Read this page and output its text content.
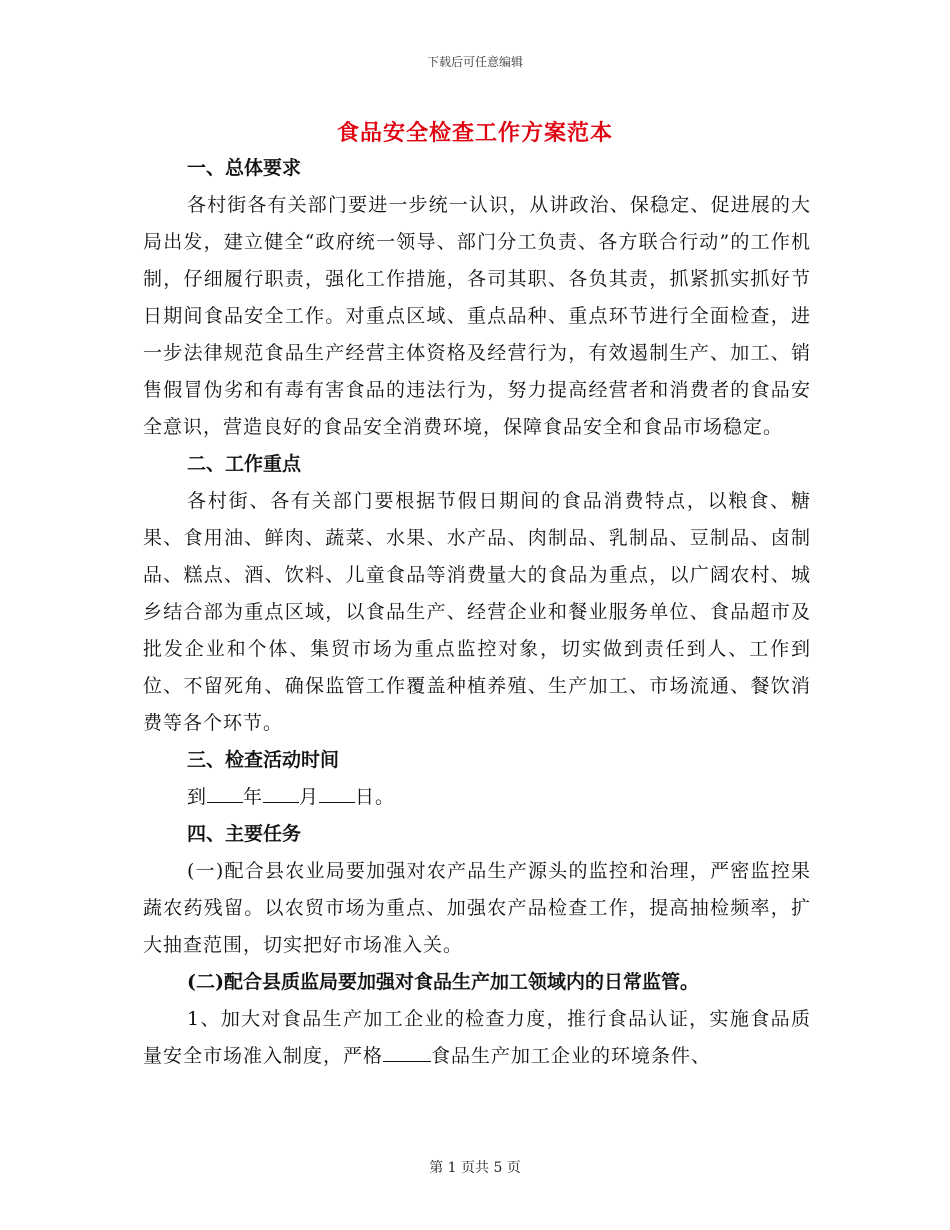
下载后可任意编辑
食品安全检查工作方案范本
一、总体要求

各村街各有关部门要进一步统一认识，从讲政治、保稳定、促进展的大局出发，建立健全“政府统一领导、部门分工负责、各方联合行动”的工作机制，仔细履行职责，强化工作措施，各司其职、各负其责，抓紧抓实抓好节日期间食品安全工作。对重点区域、重点品种、重点环节进行全面检查，进一步法律规范食品生产经营主体资格及经营行为，有效遏制生产、加工、销售假冒伪劣和有毒有害食品的违法行为，努力提高经营者和消费者的食品安全意识，营造良好的食品安全消费环境，保障食品安全和食品市场稳定。

二、工作重点

各村街、各有关部门要根据节假日期间的食品消费特点，以粮食、糖果、食用油、鲜肉、蔬菜、水果、水产品、肉制品、乳制品、豆制品、卤制品、糕点、酒、饮料、儿童食品等消费量大的食品为重点，以广阔农村、城乡结合部为重点区域，以食品生产、经营企业和餐业服务单位、食品超市及批发企业和个体、集贸市场为重点监控对象，切实做到责任到人、工作到位、不留死角、确保监管工作覆盖种植养殖、生产加工、市场流通、餐饮消费等各个环节。

三、检查活动时间

到 年 月 日。

四、主要任务

(一)配合县农业局要加强对农产品生产源头的监控和治理，严密监控果蔬农药残留。以农贸市场为重点、加强农产品检查工作，提高抽检频率，扩大抽查范围，切实把好市场准入关。

(二)配合县质监局要加强对食品生产加工领域内的日常监管。

1、加大对食品生产加工企业的检查力度，推行食品认证，实施食品质量安全市场准入制度，严格	食品生产加工企业的环境条件、

第 1 页共 5 页
